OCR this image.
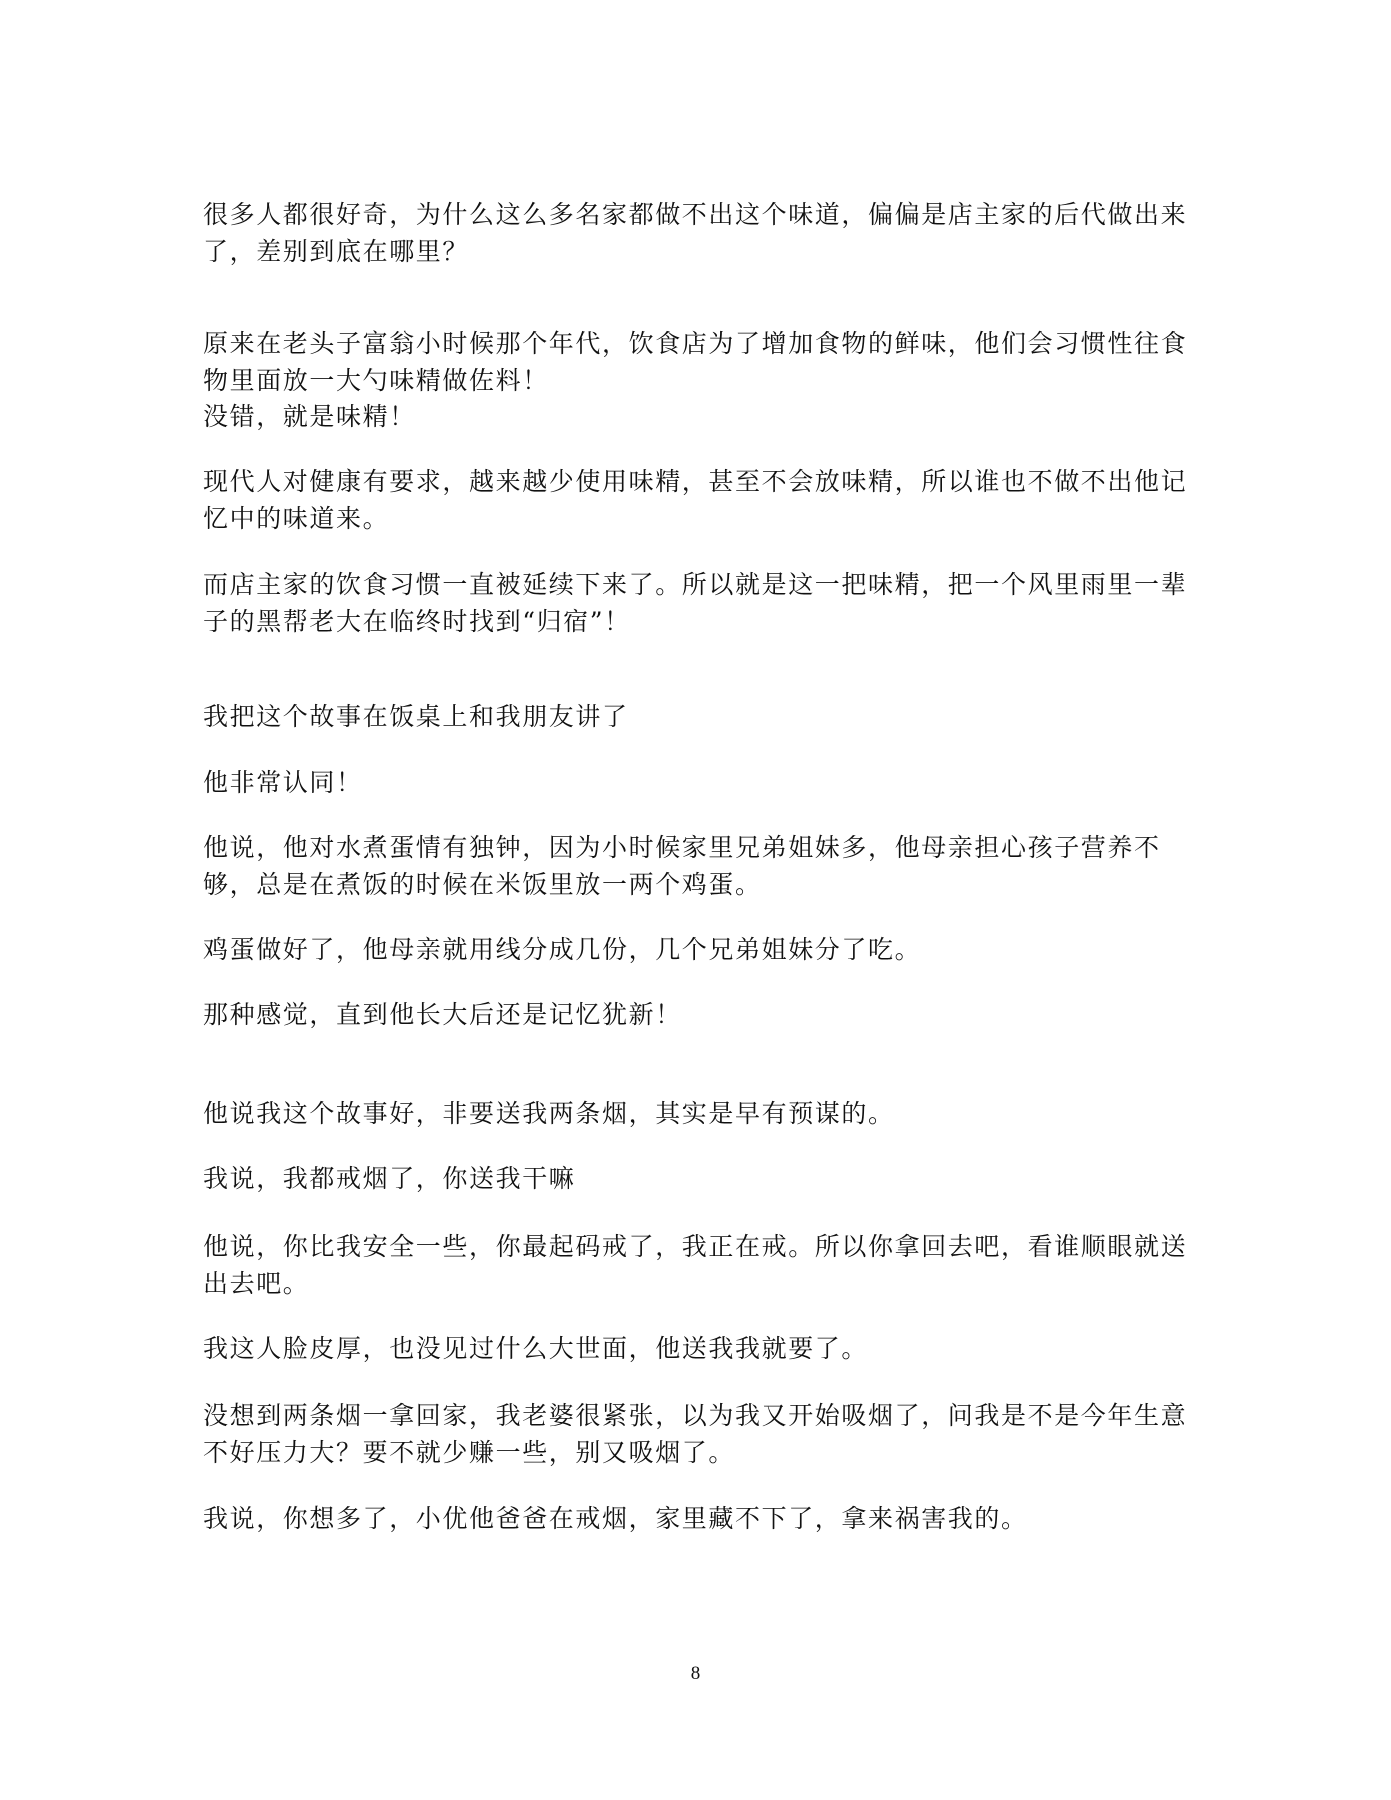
很多人都很好奇，为什么这么多名家都做不出这个味道，偏偏是店主家的后代做出来了，差别到底在哪里？

原来在老头子富翁小时候那个年代，饮食店为了增加食物的鲜味，他们会习惯性往食物里面放一大勺味精做佐料！

没错，就是味精！

现代人对健康有要求，越来越少使用味精，甚至不会放味精，所以谁也不做不出他记忆中的味道来。

而店主家的饮食习惯一直被延续下来了。所以就是这一把味精，把一个风里雨里一辈子的黑帮老大在临终时找到“归宿”！

我把这个故事在饭桌上和我朋友讲了

他非常认同！

他说，他对水煮蛋情有独钟，因为小时候家里兄弟姐妹多，他母亲担心孩子营养不够，总是在煮饭的时候在米饭里放一两个鸡蛋。

鸡蛋做好了，他母亲就用线分成几份，几个兄弟姐妹分了吃。

那种感觉，直到他长大后还是记忆犹新！

他说我这个故事好，非要送我两条烟，其实是早有预谋的。

我说，我都戒烟了，你送我干嘛

他说，你比我安全一些，你最起码戒了，我正在戒。所以你拿回去吧，看谁顺眼就送出去吧。

我这人脸皮厚，也没见过什么大世面，他送我我就要了。

没想到两条烟一拿回家，我老婆很紧张，以为我又开始吸烟了，问我是不是今年生意不好压力大？要不就少赚一些，别又吸烟了。

我说，你想多了，小优他爸爸在戒烟，家里藏不下了，拿来祸害我的。

8
